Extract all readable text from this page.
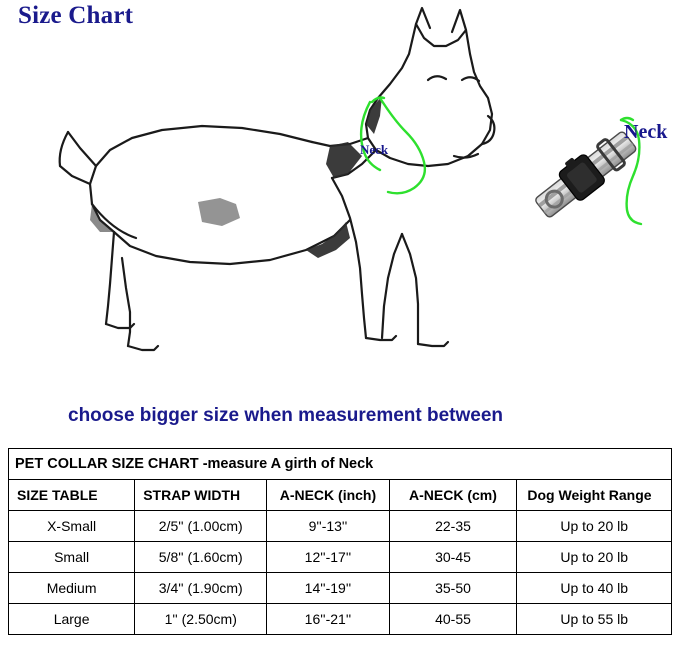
Size Chart
Neck
Neck
choose bigger size when measurement between
PET COLLAR SIZE CHART -measure A girth of Neck				
SIZE TABLE	STRAP WIDTH	A-NECK (inch)	A-NECK (cm)	Dog Weight Range
X-Small	2/5'' (1.00cm)	9''-13''	22-35	Up to 20 lb
Small	5/8'' (1.60cm)	12''-17''	30-45	Up to 20 lb
Medium	3/4'' (1.90cm)	14''-19''	35-50	Up to 40 lb
Large	1'' (2.50cm)	16''-21''	40-55	Up to 55 lb
